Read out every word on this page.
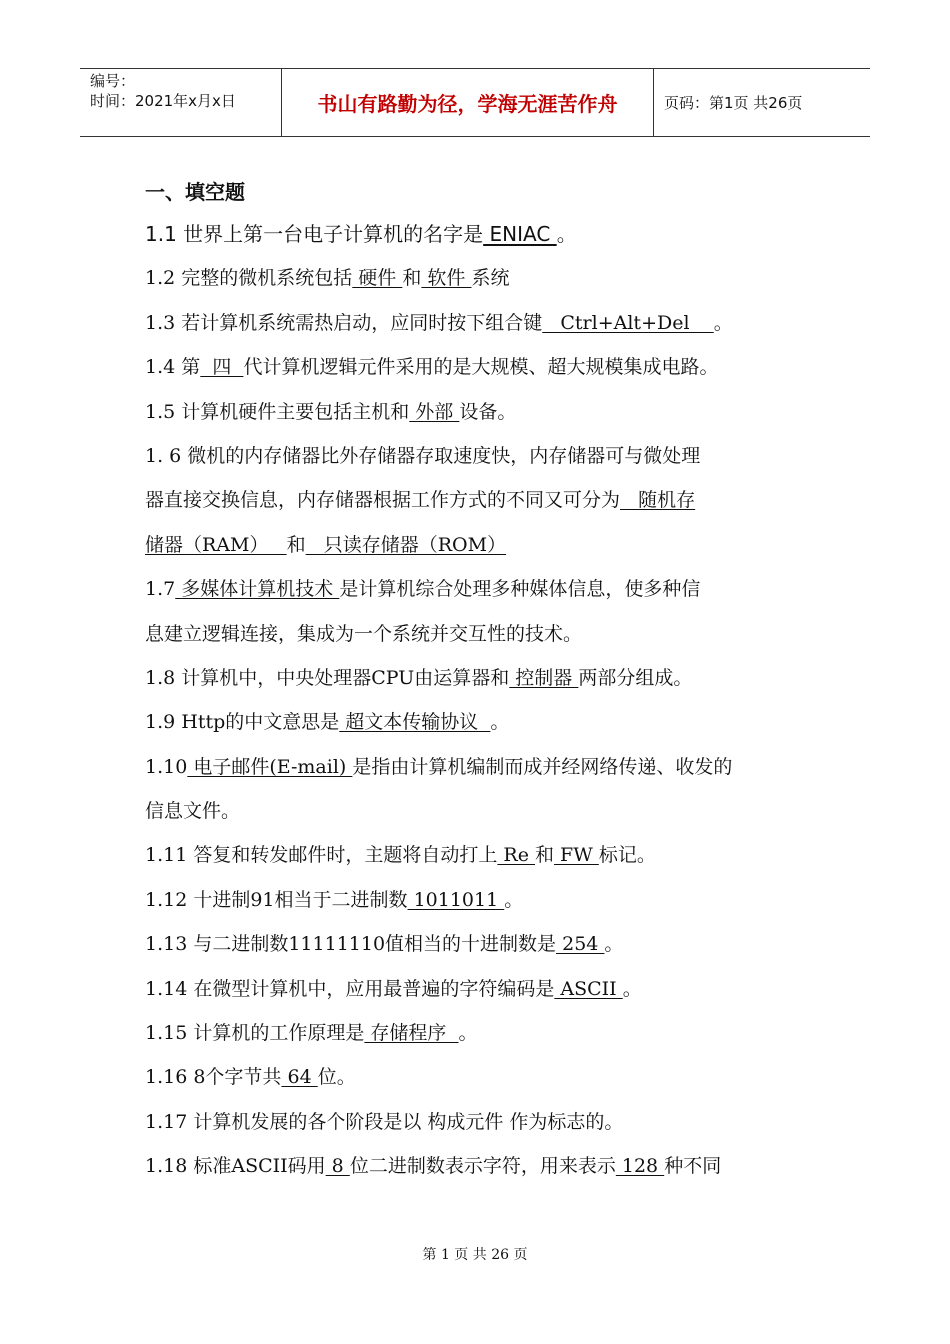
编号：
时间：2021年x月x日	书山有路勤为径，学海无涯苦作舟	页码：第1页 共26页
一、填空题
1.1 世界上第一台电子计算机的名字是 ENIAC 。
1.2 完整的微机系统包括 硬件 和 软件 系统
1.3 若计算机系统需热启动，应同时按下组合键   Ctrl+Alt+Del    。
1.4 第  四  代计算机逻辑元件采用的是大规模、超大规模集成电路。
1.5 计算机硬件主要包括主机和 外部 设备。
1. 6 微机的内存储器比外存储器存取速度快，内存储器可与微处理
器直接交换信息，内存储器根据工作方式的不同又可分为   随机存
储器（RAM）   和   只读存储器（ROM）
1.7 多媒体计算机技术 是计算机综合处理多种媒体信息，使多种信
息建立逻辑连接，集成为一个系统并交互性的技术。
1.8 计算机中，中央处理器CPU由运算器和 控制器 两部分组成。
1.9 Http的中文意思是 超文本传输协议  。
1.10 电子邮件(E-mail) 是指由计算机编制而成并经网络传递、收发的
信息文件。
1.11 答复和转发邮件时，主题将自动打上 Re 和 FW 标记。
1.12 十进制91相当于二进制数 1011011 。
1.13 与二进制数11111110值相当的十进制数是 254 。
1.14 在微型计算机中，应用最普遍的字符编码是 ASCII 。
1.15 计算机的工作原理是 存储程序  。
1.16 8个字节共 64 位。
1.17 计算机发展的各个阶段是以 构成元件 作为标志的。
1.18 标准ASCII码用 8 位二进制数表示字符，用来表示 128 种不同
第 1 页 共 26 页
